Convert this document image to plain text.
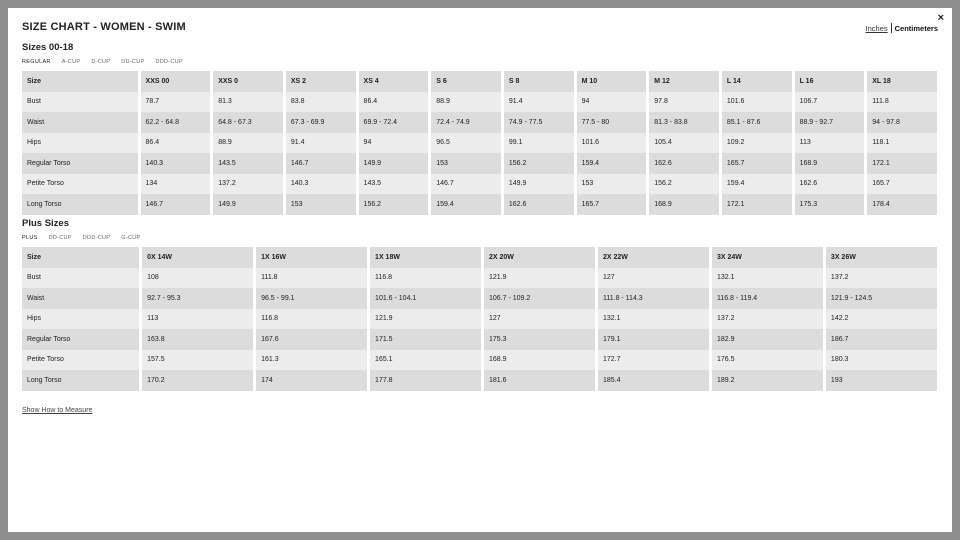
×
SIZE CHART - WOMEN - SWIM	Inches Centimeters
Sizes 00-18
REGULAR A-CUP D-CUP DD-CUP DDD-CUP
Size	XXS 00	XXS 0	XS 2	XS 4	S 6	S 8	M 10	M 12	L 14	L 16	XL 18
Bust	78.7	81.3	83.8	86.4	88.9	91.4	94	97.8	101.6	106.7	111.8
Waist	62.2 - 64.8	64.8 - 67.3	67.3 - 69.9	69.9 - 72.4	72.4 - 74.9	74.9 - 77.5	77.5 - 80	81.3 - 83.8	85.1 - 87.6	88.9 - 92.7	94 - 97.8
Hips	86.4	88.9	91.4	94	96.5	99.1	101.6	105.4	109.2	113	118.1
Regular Torso	140.3	143.5	146.7	149.9	153	156.2	159.4	162.6	165.7	168.9	172.1
Petite Torso	134	137.2	140.3	143.5	146.7	149.9	153	156.2	159.4	162.6	165.7
Long Torso	146.7	149.9	153	156.2	159.4	162.6	165.7	168.9	172.1	175.3	178.4
Plus Sizes
PLUS DD-CUP DDD-CUP G-CUP
Size	0X 14W	1X 16W	1X 18W	2X 20W	2X 22W	3X 24W	3X 26W
Bust	108	111.8	116.8	121.9	127	132.1	137.2
Waist	92.7 - 95.3	96.5 - 99.1	101.6 - 104.1	106.7 - 109.2	111.8 - 114.3	116.8 - 119.4	121.9 - 124.5
Hips	113	116.8	121.9	127	132.1	137.2	142.2
Regular Torso	163.8	167.6	171.5	175.3	179.1	182.9	186.7
Petite Torso	157.5	161.3	165.1	168.9	172.7	176.5	180.3
Long Torso	170.2	174	177.8	181.6	185.4	189.2	193
Show How to Measure
